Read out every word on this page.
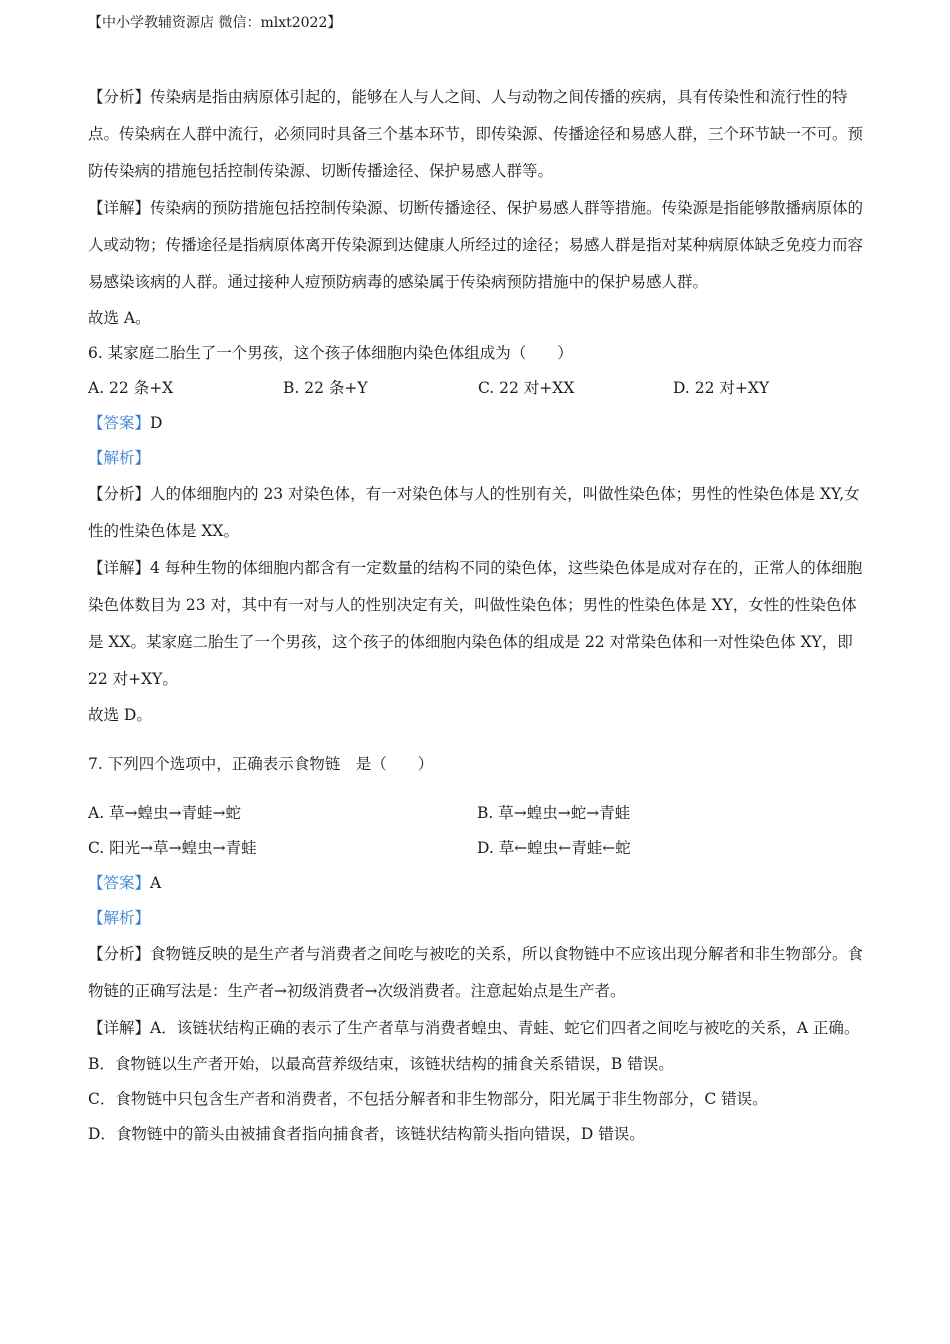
【中小学教辅资源店 微信：mlxt2022】

【分析】传染病是指由病原体引起的，能够在人与人之间、人与动物之间传播的疾病，具有传染性和流行性的特点。传染病在人群中流行，必须同时具备三个基本环节，即传染源、传播途径和易感人群，三个环节缺一不可。预防传染病的措施包括控制传染源、切断传播途径、保护易感人群等。

【详解】传染病的预防措施包括控制传染源、切断传播途径、保护易感人群等措施。传染源是指能够散播病原体的人或动物；传播途径是指病原体离开传染源到达健康人所经过的途径；易感人群是指对某种病原体缺乏免疫力而容易感染该病的人群。通过接种人痘预防病毒的感染属于传染病预防措施中的保护易感人群。

故选 A。

6. 某家庭二胎生了一个男孩，这个孩子体细胞内染色体组成为（　　）

A. 22 条+X	B. 22 条+Y	C. 22 对+XX	D. 22 对+XY

【答案】D

【解析】

【分析】人的体细胞内的 23 对染色体，有一对染色体与人的性别有关，叫做性染色体；男性的性染色体是 XY,女性的性染色体是 XX。

【详解】4 每种生物的体细胞内都含有一定数量的结构不同的染色体，这些染色体是成对存在的，正常人的体细胞染色体数目为 23 对，其中有一对与人的性别决定有关，叫做性染色体；男性的性染色体是 XY，女性的性染色体是 XX。某家庭二胎生了一个男孩，这个孩子的体细胞内染色体的组成是 22 对常染色体和一对性染色体 XY，即 22 对+XY。

故选 D。

7. 下列四个选项中，正确表示食物链　是（　　）

A. 草→蝗虫→青蛙→蛇	B. 草→蝗虫→蛇→青蛙
C. 阳光→草→蝗虫→青蛙	D. 草←蝗虫←青蛙←蛇

【答案】A

【解析】

【分析】食物链反映的是生产者与消费者之间吃与被吃的关系，所以食物链中不应该出现分解者和非生物部分。食物链的正确写法是：生产者→初级消费者→次级消费者。注意起始点是生产者。

【详解】A．该链状结构正确的表示了生产者草与消费者蝗虫、青蛙、蛇它们四者之间吃与被吃的关系，A 正确。

B．食物链以生产者开始，以最高营养级结束，该链状结构的捕食关系错误，B 错误。

C．食物链中只包含生产者和消费者，不包括分解者和非生物部分，阳光属于非生物部分，C 错误。

D．食物链中的箭头由被捕食者指向捕食者，该链状结构箭头指向错误，D 错误。
